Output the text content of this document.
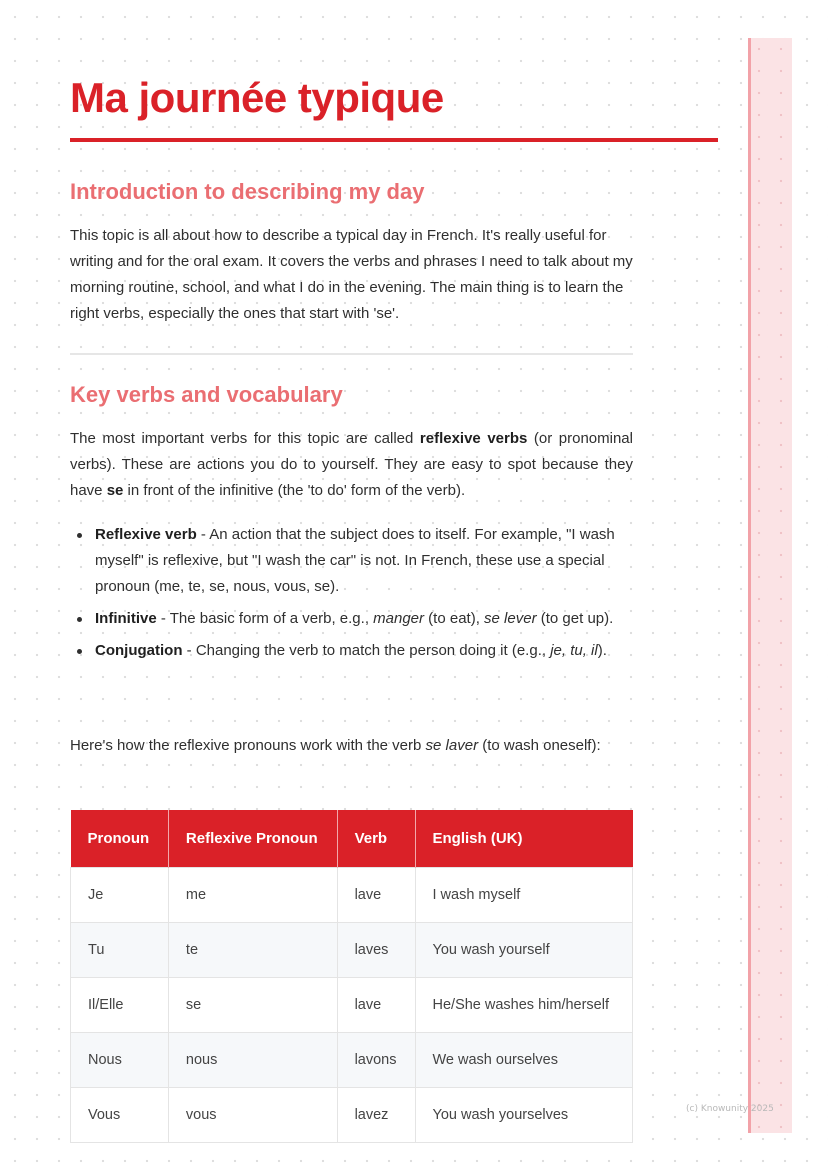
Ma journée typique
Introduction to describing my day

This topic is all about how to describe a typical day in French. It's really useful for writing and for the oral exam. It covers the verbs and phrases I need to talk about my morning routine, school, and what I do in the evening. The main thing is to learn the right verbs, especially the ones that start with 'se'.

Key verbs and vocabulary

The most important verbs for this topic are called reflexive verbs (or pronominal verbs). These are actions you do to yourself. They are easy to spot because they have se in front of the infinitive (the 'to do' form of the verb).

Reflexive verb - An action that the subject does to itself. For example, "I wash myself" is reflexive, but "I wash the car" is not. In French, these use a special pronoun (me, te, se, nous, vous, se).
Infinitive - The basic form of a verb, e.g., manger (to eat), se lever (to get up).
Conjugation - Changing the verb to match the person doing it (e.g., je, tu, il).

Here's how the reflexive pronouns work with the verb se laver (to wash oneself):

Pronoun	Reflexive Pronoun	Verb	English (UK)
Je	me	lave	I wash myself
Tu	te	laves	You wash yourself
Il/Elle	se	lave	He/She washes him/herself
Nous	nous	lavons	We wash ourselves
Vous	vous	lavez	You wash yourselves	(c) Knowunity 2025
